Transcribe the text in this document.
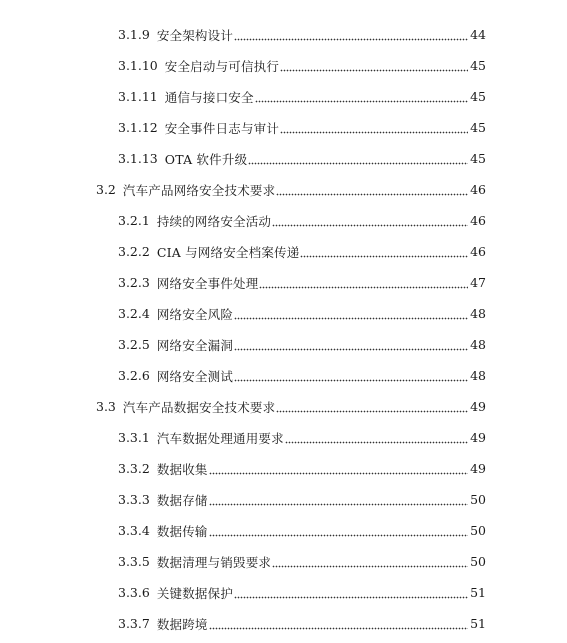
3.1.9 安全架构设计	44
3.1.10 安全启动与可信执行	45
3.1.11 通信与接口安全	45
3.1.12 安全事件日志与审计	45
3.1.13 OTA 软件升级	45
3.2 汽车产品网络安全技术要求	46
3.2.1 持续的网络安全活动	46
3.2.2 CIA 与网络安全档案传递	46
3.2.3 网络安全事件处理	47
3.2.4 网络安全风险	48
3.2.5 网络安全漏洞	48
3.2.6 网络安全测试	48
3.3 汽车产品数据安全技术要求	49
3.3.1 汽车数据处理通用要求	49
3.3.2 数据收集	49
3.3.3 数据存储	50
3.3.4 数据传输	50
3.3.5 数据清理与销毁要求	50
3.3.6 关键数据保护	51
3.3.7 数据跨境	51
